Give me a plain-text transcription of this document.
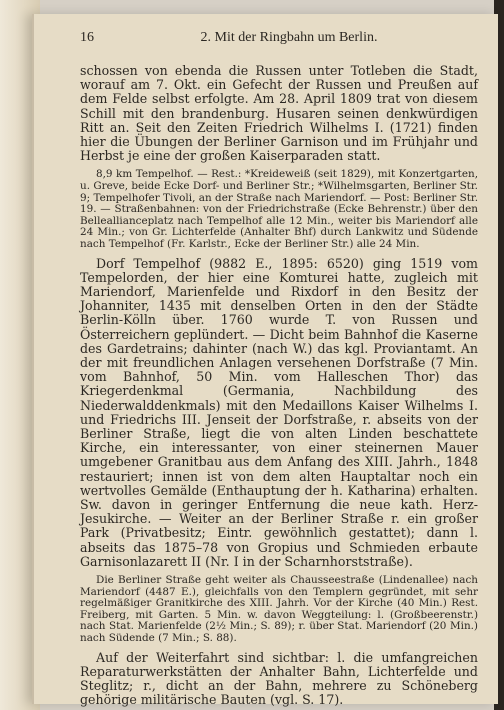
16	2. Mit der Ringbahn um Berlin.

schossen von ebenda die Russen unter Totleben die Stadt, worauf am 7. Okt. ein Gefecht der Russen und Preußen auf dem Felde selbst erfolgte. Am 28. April 1809 trat von diesem Schill mit den brandenburg. Husaren seinen denkwürdigen Ritt an. Seit den Zeiten Friedrich Wilhelms I. (1721) finden hier die Übungen der Berliner Garnison und im Frühjahr und Herbst je eine der großen Kaiserparaden statt.

8,9 km Tempelhof. — Rest.: *Kreideweiß (seit 1829), mit Konzertgarten, u. Greve, beide Ecke Dorf- und Berliner Str.; *Wilhelmsgarten, Berliner Str. 9; Tempelhofer Tivoli, an der Straße nach Mariendorf. — Post: Berliner Str. 19. — Straßenbahnen: von der Friedrichstraße (Ecke Behrenstr.) über den Belleallianceplatz nach Tempelhof alle 12 Min., weiter bis Mariendorf alle 24 Min.; von Gr. Lichterfelde (Anhalter Bhf) durch Lankwitz und Südende nach Tempelhof (Fr. Karlstr., Ecke der Berliner Str.) alle 24 Min.

Dorf Tempelhof (9882 E., 1895: 6520) ging 1519 vom Tempelorden, der hier eine Komturei hatte, zugleich mit Mariendorf, Marienfelde und Rixdorf in den Besitz der Johanniter, 1435 mit denselben Orten in den der Städte Berlin-Kölln über. 1760 wurde T. von Russen und Österreichern geplündert. — Dicht beim Bahnhof die Kaserne des Gardetrains; dahinter (nach W.) das kgl. Proviantamt. An der mit freundlichen Anlagen versehenen Dorfstraße (7 Min. vom Bahnhof, 50 Min. vom Halleschen Thor) das Kriegerdenkmal (Germania, Nachbildung des Niederwalddenkmals) mit den Medaillons Kaiser Wilhelms I. und Friedrichs III. Jenseit der Dorfstraße, r. abseits von der Berliner Straße, liegt die von alten Linden beschattete Kirche, ein interessanter, von einer steinernen Mauer umgebener Granitbau aus dem Anfang des XIII. Jahrh., 1848 restauriert; innen ist von dem alten Hauptaltar noch ein wertvolles Gemälde (Enthauptung der h. Katharina) erhalten. Sw. davon in geringer Entfernung die neue kath. Herz-Jesukirche. — Weiter an der Berliner Straße r. ein großer Park (Privatbesitz; Eintr. gewöhnlich gestattet); dann l. abseits das 1875–78 von Gropius und Schmieden erbaute Garnisonlazarett II (Nr. I in der Scharnhorststraße).

Die Berliner Straße geht weiter als Chausseestraße (Lindenallee) nach Mariendorf (4487 E.), gleichfalls von den Templern gegründet, mit sehr regelmäßiger Granitkirche des XIII. Jahrh. Vor der Kirche (40 Min.) Rest. Freiberg, mit Garten. 5 Min. w. davon Weggteilung: l. (Großbeerenstr.) nach Stat. Marienfelde (2½ Min.; S. 89); r. über Stat. Mariendorf (20 Min.) nach Südende (7 Min.; S. 88).

Auf der Weiterfahrt sind sichtbar: l. die umfangreichen Reparaturwerkstätten der Anhalter Bahn, Lichterfelde und Steglitz; r., dicht an der Bahn, mehrere zu Schöneberg gehörige militärische Bauten (vgl. S. 17).
